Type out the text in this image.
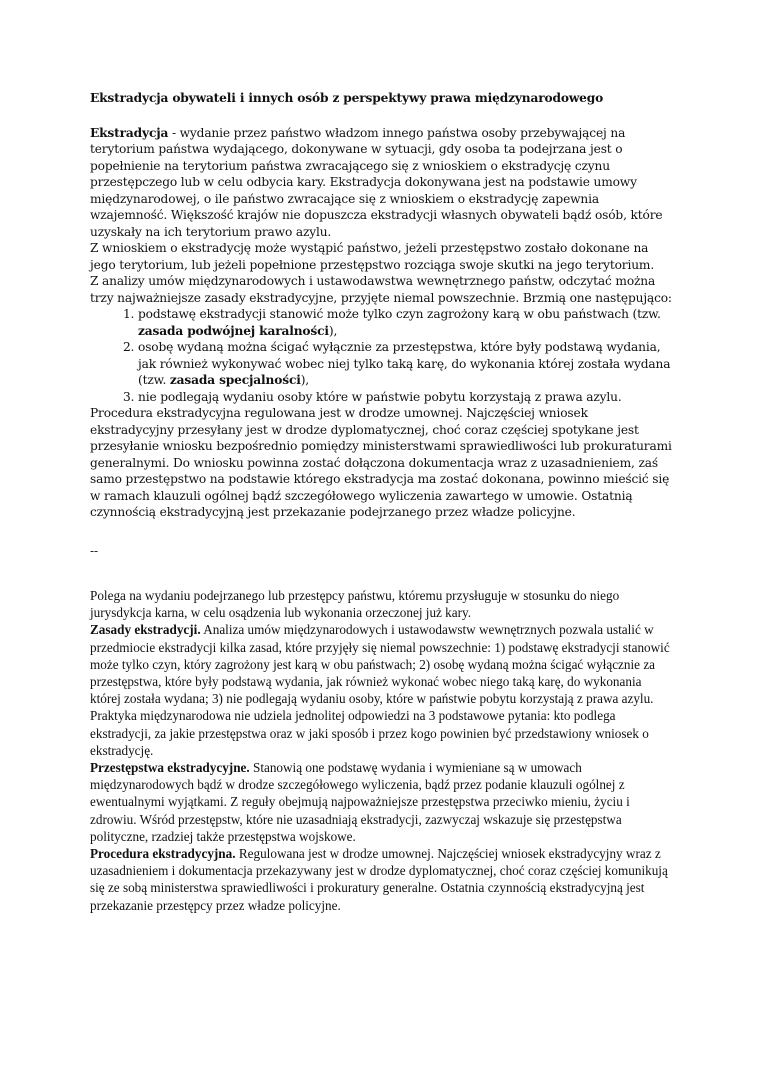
Ekstradycja obywateli i innych osób z perspektywy prawa międzynarodowego

Ekstradycja - wydanie przez państwo władzom innego państwa osoby przebywającej na terytorium państwa wydającego, dokonywane w sytuacji, gdy osoba ta podejrzana jest o popełnienie na terytorium państwa zwracającego się z wnioskiem o ekstradycję czynu przestępczego lub w celu odbycia kary. Ekstradycja dokonywana jest na podstawie umowy międzynarodowej, o ile państwo zwracające się z wnioskiem o ekstradycję zapewnia wzajemność. Większość krajów nie dopuszcza ekstradycji własnych obywateli bądź osób, które uzyskały na ich terytorium prawo azylu.

Z wnioskiem o ekstradycję może wystąpić państwo, jeżeli przestępstwo zostało dokonane na jego terytorium, lub jeżeli popełnione przestępstwo rozciąga swoje skutki na jego terytorium.

Z analizy umów międzynarodowych i ustawodawstwa wewnętrznego państw, odczytać można trzy najważniejsze zasady ekstradycyjne, przyjęte niemal powszechnie. Brzmią one następująco:

1. podstawę ekstradycji stanowić może tylko czyn zagrożony karą w obu państwach (tzw. zasada podwójnej karalności),
2. osobę wydaną można ścigać wyłącznie za przestępstwa, które były podstawą wydania, jak również wykonywać wobec niej tylko taką karę, do wykonania której została wydana (tzw. zasada specjalności),
3. nie podlegają wydaniu osoby które w państwie pobytu korzystają z prawa azylu.

Procedura ekstradycyjna regulowana jest w drodze umownej. Najczęściej wniosek ekstradycyjny przesyłany jest w drodze dyplomatycznej, choć coraz częściej spotykane jest przesyłanie wniosku bezpośrednio pomiędzy ministerstwami sprawiedliwości lub prokuraturami generalnymi. Do wniosku powinna zostać dołączona dokumentacja wraz z uzasadnieniem, zaś samo przestępstwo na podstawie którego ekstradycja ma zostać dokonana, powinno mieścić się w ramach klauzuli ogólnej bądź szczegółowego wyliczenia zawartego w umowie. Ostatnią czynnością ekstradycyjną jest przekazanie podejrzanego przez władze policyjne.

--

Polega na wydaniu podejrzanego lub przestępcy państwu, któremu przysługuje w stosunku do niego jurysdykcja karna, w celu osądzenia lub wykonania orzeczonej już kary.

Zasady ekstradycji. Analiza umów międzynarodowych i ustawodawstw wewnętrznych pozwala ustalić w przedmiocie ekstradycji kilka zasad, które przyjęły się niemal powszechnie: 1) podstawę ekstradycji stanowić może tylko czyn, który zagrożony jest karą w obu państwach; 2) osobę wydaną można ścigać wyłącznie za przestępstwa, które były podstawą wydania, jak również wykonać wobec niego taką karę, do wykonania której została wydana; 3) nie podlegają wydaniu osoby, które w państwie pobytu korzystają z prawa azylu. Praktyka międzynarodowa nie udziela jednolitej odpowiedzi na 3 podstawowe pytania: kto podlega ekstradycji, za jakie przestępstwa oraz w jaki sposób i przez kogo powinien być przedstawiony wniosek o ekstradycję.

Przestępstwa ekstradycyjne. Stanowią one podstawę wydania i wymieniane są w umowach międzynarodowych bądź w drodze szczegółowego wyliczenia, bądź przez podanie klauzuli ogólnej z ewentualnymi wyjątkami. Z reguły obejmują najpoważniejsze przestępstwa przeciwko mieniu, życiu i zdrowiu. Wśród przestępstw, które nie uzasadniają ekstradycji, zazwyczaj wskazuje się przestępstwa polityczne, rzadziej także przestępstwa wojskowe.

Procedura ekstradycyjna. Regulowana jest w drodze umownej. Najczęściej wniosek ekstradycyjny wraz z uzasadnieniem i dokumentacja przekazywany jest w drodze dyplomatycznej, choć coraz częściej komunikują się ze sobą ministerstwa sprawiedliwości i prokuratury generalne. Ostatnia czynnością ekstradycyjną jest przekazanie przestępcy przez władze policyjne.
